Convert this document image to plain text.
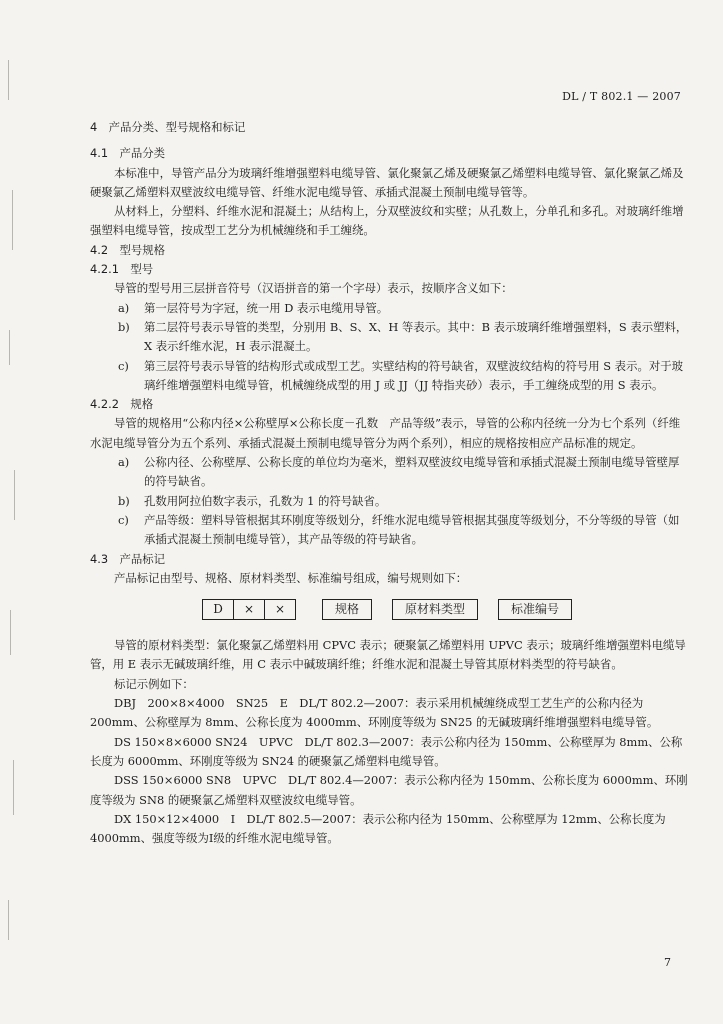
DL / T 802.1 — 2007

4　产品分类、型号规格和标记

4.1　产品分类

本标准中，导管产品分为玻璃纤维增强塑料电缆导管、氯化聚氯乙烯及硬聚氯乙烯塑料电缆导管、氯化聚氯乙烯及硬聚氯乙烯塑料双壁波纹电缆导管、纤维水泥电缆导管、承插式混凝土预制电缆导管等。

从材料上，分塑料、纤维水泥和混凝土；从结构上，分双壁波纹和实壁；从孔数上，分单孔和多孔。对玻璃纤维增强塑料电缆导管，按成型工艺分为机械缠绕和手工缠绕。

4.2　型号规格

4.2.1　型号

导管的型号用三层拼音符号（汉语拼音的第一个字母）表示，按顺序含义如下：

a)	第一层符号为字冠，统一用 D 表示电缆用导管。
b)	第二层符号表示导管的类型，分别用 B、S、X、H 等表示。其中：B 表示玻璃纤维增强塑料，S 表示塑料，X 表示纤维水泥，H 表示混凝土。
c)	第三层符号表示导管的结构形式或成型工艺。实壁结构的符号缺省，双壁波纹结构的符号用 S 表示。对于玻璃纤维增强塑料电缆导管，机械缠绕成型的用 J 或 JJ（JJ 特指夹砂）表示，手工缠绕成型的用 S 表示。

4.2.2　规格

导管的规格用“公称内径×公称壁厚×公称长度－孔数　产品等级”表示，导管的公称内径统一分为七个系列（纤维水泥电缆导管分为五个系列、承插式混凝土预制电缆导管分为两个系列），相应的规格按相应产品标准的规定。

a)	公称内径、公称壁厚、公称长度的单位均为毫米，塑料双壁波纹电缆导管和承插式混凝土预制电缆导管壁厚的符号缺省。
b)	孔数用阿拉伯数字表示，孔数为 1 的符号缺省。
c)	产品等级：塑料导管根据其环刚度等级划分，纤维水泥电缆导管根据其强度等级划分，不分等级的导管（如承插式混凝土预制电缆导管），其产品等级的符号缺省。

4.3　产品标记

产品标记由型号、规格、原材料类型、标准编号组成，编号规则如下：

D	×	×	规格	原材料类型	标准编号

导管的原材料类型：氯化聚氯乙烯塑料用 CPVC 表示；硬聚氯乙烯塑料用 UPVC 表示；玻璃纤维增强塑料电缆导管，用 E 表示无碱玻璃纤维，用 C 表示中碱玻璃纤维；纤维水泥和混凝土导管其原材料类型的符号缺省。

标记示例如下：

DBJ　200×8×4000　SN25　E　DL/T 802.2—2007：表示采用机械缠绕成型工艺生产的公称内径为 200mm、公称壁厚为 8mm、公称长度为 4000mm、环刚度等级为 SN25 的无碱玻璃纤维增强塑料电缆导管。

DS 150×8×6000 SN24　UPVC　DL/T 802.3—2007：表示公称内径为 150mm、公称壁厚为 8mm、公称长度为 6000mm、环刚度等级为 SN24 的硬聚氯乙烯塑料电缆导管。

DSS 150×6000 SN8　UPVC　DL/T 802.4—2007：表示公称内径为 150mm、公称长度为 6000mm、环刚度等级为 SN8 的硬聚氯乙烯塑料双壁波纹电缆导管。

DX 150×12×4000　Ⅰ　DL/T 802.5—2007：表示公称内径为 150mm、公称壁厚为 12mm、公称长度为 4000mm、强度等级为Ⅰ级的纤维水泥电缆导管。

7
